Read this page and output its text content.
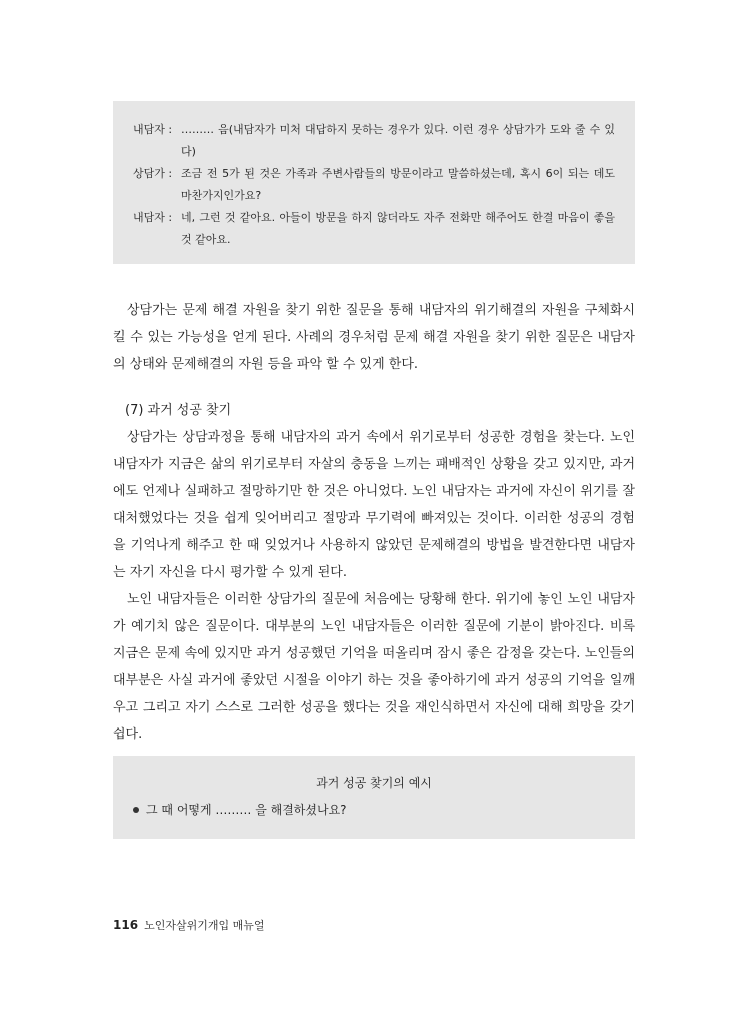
내담자 : ……… 음(내담자가 미처 대답하지 못하는 경우가 있다. 이런 경우 상담가가 도와 줄 수 있다)
상담가 : 조금 전 5가 된 것은 가족과 주변사람들의 방문이라고 말씀하셨는데, 혹시 6이 되는 데도 마찬가지인가요?
내담자 : 네, 그런 것 같아요. 아들이 방문을 하지 않더라도 자주 전화만 해주어도 한결 마음이 좋을 것 같아요.
상담가는 문제 해결 자원을 찾기 위한 질문을 통해 내담자의 위기해결의 자원을 구체화시킬 수 있는 가능성을 얻게 된다. 사례의 경우처럼 문제 해결 자원을 찾기 위한 질문은 내담자의 상태와 문제해결의 자원 등을 파악 할 수 있게 한다.
(7) 과거 성공 찾기
상담가는 상담과정을 통해 내담자의 과거 속에서 위기로부터 성공한 경험을 찾는다. 노인 내담자가 지금은 삶의 위기로부터 자살의 충동을 느끼는 패배적인 상황을 갖고 있지만, 과거에도 언제나 실패하고 절망하기만 한 것은 아니었다. 노인 내담자는 과거에 자신이 위기를 잘 대처했었다는 것을 쉽게 잊어버리고 절망과 무기력에 빠져있는 것이다. 이러한 성공의 경험을 기억나게 해주고 한 때 잊었거나 사용하지 않았던 문제해결의 방법을 발견한다면 내담자는 자기 자신을 다시 평가할 수 있게 된다.
노인 내담자들은 이러한 상담가의 질문에 처음에는 당황해 한다. 위기에 놓인 노인 내담자가 예기치 않은 질문이다. 대부분의 노인 내담자들은 이러한 질문에 기분이 밝아진다. 비록 지금은 문제 속에 있지만 과거 성공했던 기억을 떠올리며 잠시 좋은 감정을 갖는다. 노인들의 대부분은 사실 과거에 좋았던 시절을 이야기 하는 것을 좋아하기에 과거 성공의 기억을 일깨우고 그리고 자기 스스로 그러한 성공을 했다는 것을 재인식하면서 자신에 대해 희망을 갖기 쉽다.
과거 성공 찾기의 예시
그 때 어떻게 ……… 을 해결하셨나요?
116 노인자살위기개입 매뉴얼
